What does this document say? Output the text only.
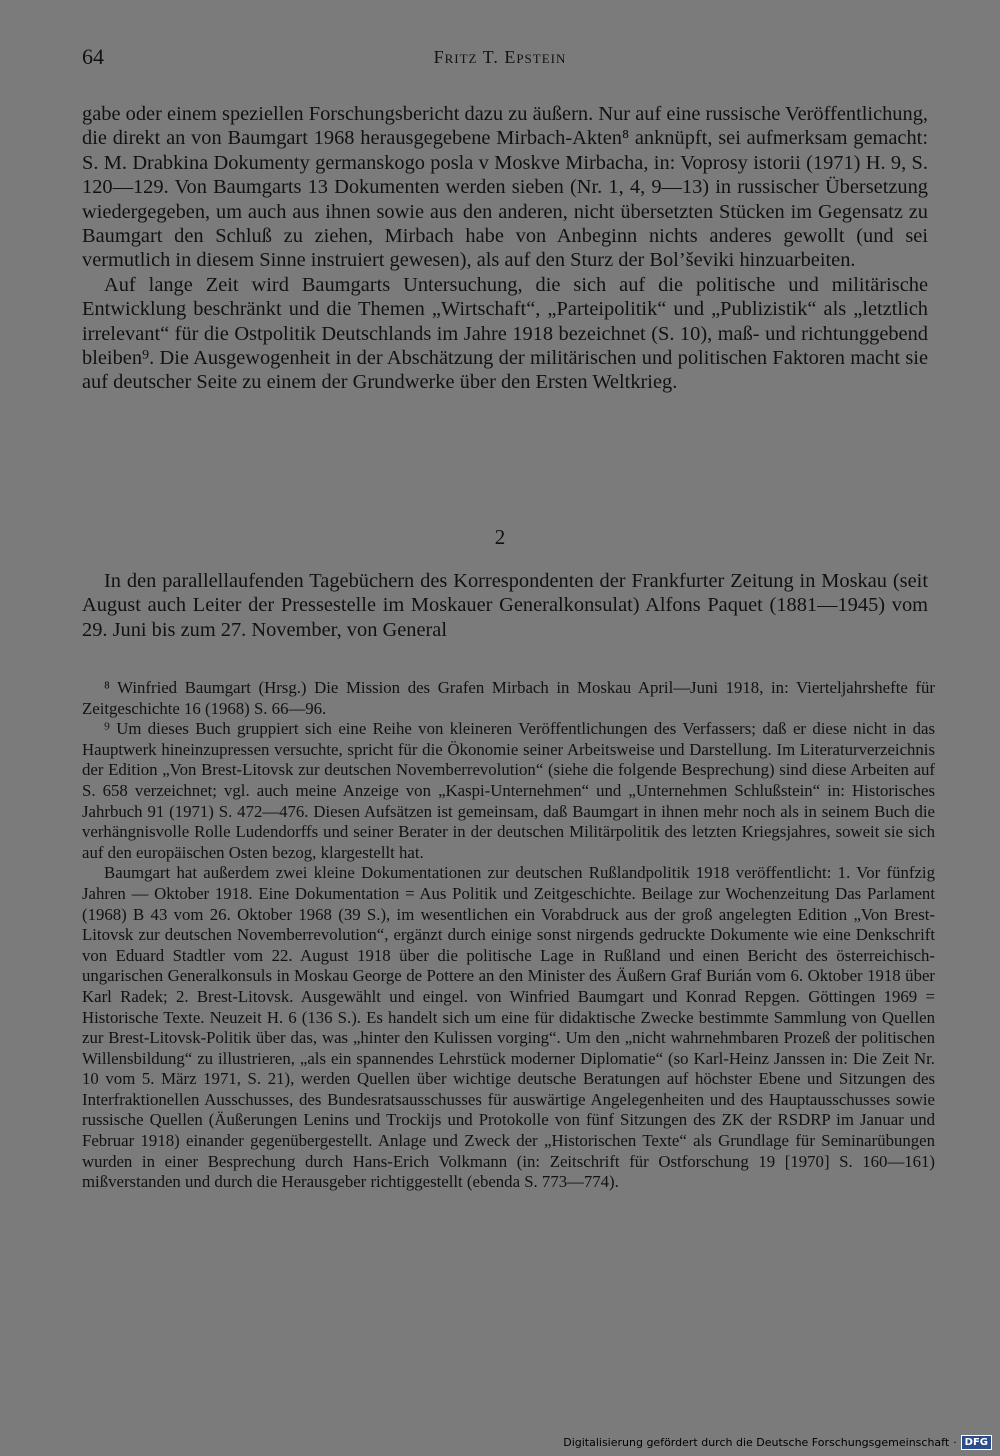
64	Fritz T. Epstein

gabe oder einem speziellen Forschungsbericht dazu zu äußern. Nur auf eine russische Veröffentlichung, die direkt an von Baumgart 1968 herausgegebene Mirbach-Akten⁸ anknüpft, sei aufmerksam gemacht: S. M. Drabkina Dokumenty germanskogo posla v Moskve Mirbacha, in: Voprosy istorii (1971) H. 9, S. 120—129. Von Baumgarts 13 Dokumenten werden sieben (Nr. 1, 4, 9—13) in russischer Übersetzung wiedergegeben, um auch aus ihnen sowie aus den anderen, nicht übersetzten Stücken im Gegensatz zu Baumgart den Schluß zu ziehen, Mirbach habe von Anbeginn nichts anderes gewollt (und sei vermutlich in diesem Sinne instruiert gewesen), als auf den Sturz der Bol’ševiki hinzuarbeiten.

Auf lange Zeit wird Baumgarts Untersuchung, die sich auf die politische und militärische Entwicklung beschränkt und die Themen „Wirtschaft“, „Parteipolitik“ und „Publizistik“ als „letztlich irrelevant“ für die Ostpolitik Deutschlands im Jahre 1918 bezeichnet (S. 10), maß- und richtunggebend bleiben⁹. Die Ausgewogenheit in der Abschätzung der militärischen und politischen Faktoren macht sie auf deutscher Seite zu einem der Grundwerke über den Ersten Weltkrieg.

2

In den parallellaufenden Tagebüchern des Korrespondenten der Frankfurter Zeitung in Moskau (seit August auch Leiter der Pressestelle im Moskauer Generalkonsulat) Alfons Paquet (1881—1945) vom 29. Juni bis zum 27. November, von General

⁸ Winfried Baumgart (Hrsg.) Die Mission des Grafen Mirbach in Moskau April—Juni 1918, in: Vierteljahrshefte für Zeitgeschichte 16 (1968) S. 66—96.

⁹ Um dieses Buch gruppiert sich eine Reihe von kleineren Veröffentlichungen des Verfassers; daß er diese nicht in das Hauptwerk hineinzupressen versuchte, spricht für die Ökonomie seiner Arbeitsweise und Darstellung. Im Literaturverzeichnis der Edition „Von Brest-Litovsk zur deutschen Novemberrevolution“ (siehe die folgende Besprechung) sind diese Arbeiten auf S. 658 verzeichnet; vgl. auch meine Anzeige von „Kaspi-Unternehmen“ und „Unternehmen Schlußstein“ in: Historisches Jahrbuch 91 (1971) S. 472—476. Diesen Aufsätzen ist gemeinsam, daß Baumgart in ihnen mehr noch als in seinem Buch die verhängnisvolle Rolle Ludendorffs und seiner Berater in der deutschen Militärpolitik des letzten Kriegsjahres, soweit sie sich auf den europäischen Osten bezog, klargestellt hat.

Baumgart hat außerdem zwei kleine Dokumentationen zur deutschen Rußlandpolitik 1918 veröffentlicht: 1. Vor fünfzig Jahren — Oktober 1918. Eine Dokumentation = Aus Politik und Zeitgeschichte. Beilage zur Wochenzeitung Das Parlament (1968) B 43 vom 26. Oktober 1968 (39 S.), im wesentlichen ein Vorabdruck aus der groß angelegten Edition „Von Brest-Litovsk zur deutschen Novemberrevolution“, ergänzt durch einige sonst nirgends gedruckte Dokumente wie eine Denkschrift von Eduard Stadtler vom 22. August 1918 über die politische Lage in Rußland und einen Bericht des österreichisch-ungarischen Generalkonsuls in Moskau George de Pottere an den Minister des Äußern Graf Burián vom 6. Oktober 1918 über Karl Radek; 2. Brest-Litovsk. Ausgewählt und eingel. von Winfried Baumgart und Konrad Repgen. Göttingen 1969 = Historische Texte. Neuzeit H. 6 (136 S.). Es handelt sich um eine für didaktische Zwecke bestimmte Sammlung von Quellen zur Brest-Litovsk-Politik über das, was „hinter den Kulissen vorging“. Um den „nicht wahrnehmbaren Prozeß der politischen Willensbildung“ zu illustrieren, „als ein spannendes Lehrstück moderner Diplomatie“ (so Karl-Heinz Janssen in: Die Zeit Nr. 10 vom 5. März 1971, S. 21), werden Quellen über wichtige deutsche Beratungen auf höchster Ebene und Sitzungen des Interfraktionellen Ausschusses, des Bundesratsausschusses für auswärtige Angelegenheiten und des Hauptausschusses sowie russische Quellen (Äußerungen Lenins und Trockijs und Protokolle von fünf Sitzungen des ZK der RSDRP im Januar und Februar 1918) einander gegenübergestellt. Anlage und Zweck der „Historischen Texte“ als Grundlage für Seminarübungen wurden in einer Besprechung durch Hans-Erich Volkmann (in: Zeitschrift für Ostforschung 19 [1970] S. 160—161) mißverstanden und durch die Herausgeber richtiggestellt (ebenda S. 773—774).

Digitalisierung gefördert durch die Deutsche Forschungsgemeinschaft · DFG
